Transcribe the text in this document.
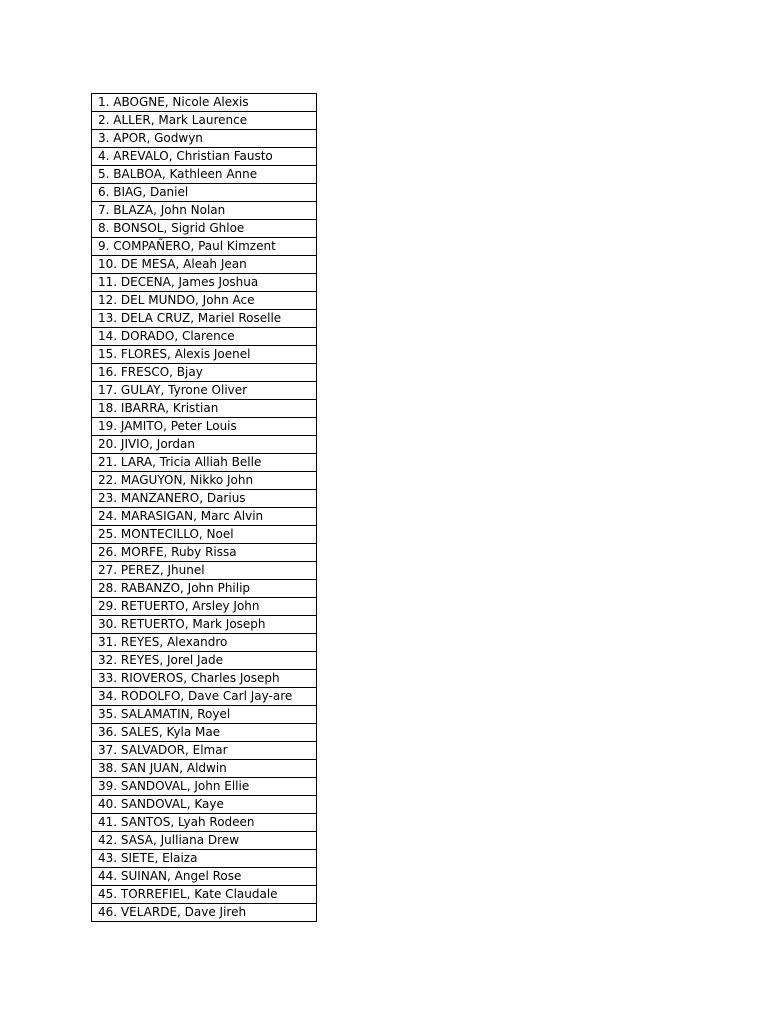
1. ABOGNE, Nicole Alexis
2. ALLER, Mark Laurence
3. APOR, Godwyn
4. AREVALO, Christian Fausto
5. BALBOA, Kathleen Anne
6. BIAG, Daniel
7. BLAZA, John Nolan
8. BONSOL, Sigrid Ghloe
9. COMPAÑERO, Paul Kimzent
10. DE MESA, Aleah Jean
11. DECENA, James Joshua
12. DEL MUNDO, John Ace
13. DELA CRUZ, Mariel Roselle
14. DORADO, Clarence
15. FLORES, Alexis Joenel
16. FRESCO, Bjay
17. GULAY, Tyrone Oliver
18. IBARRA, Kristian
19. JAMITO, Peter Louis
20. JIVIO, Jordan
21. LARA, Tricia Alliah Belle
22. MAGUYON, Nikko John
23. MANZANERO, Darius
24. MARASIGAN, Marc Alvin
25. MONTECILLO, Noel
26. MORFE, Ruby Rissa
27. PEREZ, Jhunel
28. RABANZO, John Philip
29. RETUERTO, Arsley John
30. RETUERTO, Mark Joseph
31. REYES, Alexandro
32. REYES, Jorel Jade
33. RIOVEROS, Charles Joseph
34. RODOLFO, Dave Carl Jay-are
35. SALAMATIN, Royel
36. SALES, Kyla Mae
37. SALVADOR, Elmar
38. SAN JUAN, Aldwin
39. SANDOVAL, John Ellie
40. SANDOVAL, Kaye
41. SANTOS, Lyah Rodeen
42. SASA, Julliana Drew
43. SIETE, Elaiza
44. SUINAN, Angel Rose
45. TORREFIEL, Kate Claudale
46. VELARDE, Dave Jireh
